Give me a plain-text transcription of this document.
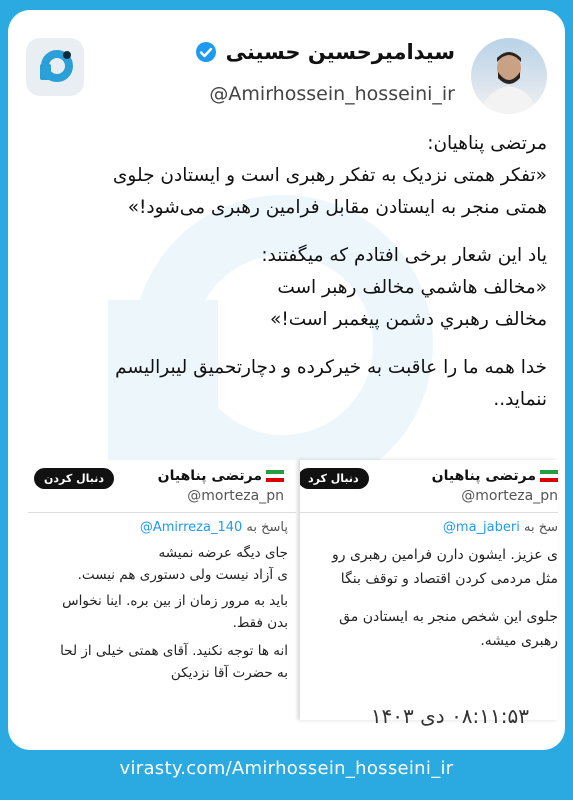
سیدامیرحسین حسینی
@Amirhossein_hosseini_ir

مرتضی پناهیان:
«تفکر همتی نزدیک به تفکر رهبری است و ایستادن جلوی
همتی منجر به ایستادن مقابل فرامین رهبری می‌شود!»

یاد این شعار برخی افتادم که میگفتند:
«مخالف هاشمي مخالف رهبر است
مخالف رهبري دشمن پیغمبر است!»

خدا همه ما را عاقبت به خیرکرده و دچارتحمیق لیبرالیسم
ننماید..

دنبال کردن	مرتضی پناهیان
@morteza_pn
پاسخ به @Amirreza_140
جای دیگه عرضه نمیشه
ی آزاد نیست ولی دستوری هم نیست.
باید به مرور زمان از بین بره. اینا نخواس
بدن فقط.
انه ها توجه نکنید. آقای همتی خیلی از لحا
به حضرت آقا نزدیکن
دنبال کرد	مرتضی پناهیان
@morteza_pn
سخ به @ma_jaberi
ی عزیز. ایشون دارن فرامین رهبری رو
مثل مردمی کردن اقتصاد و توقف بنگا
جلوی این شخص منجر به ایستادن مق
رهبری میشه.
۰۸:۱۱:۵۳ دی ۱۴۰۳
virasty.com/Amirhossein_hosseini_ir
